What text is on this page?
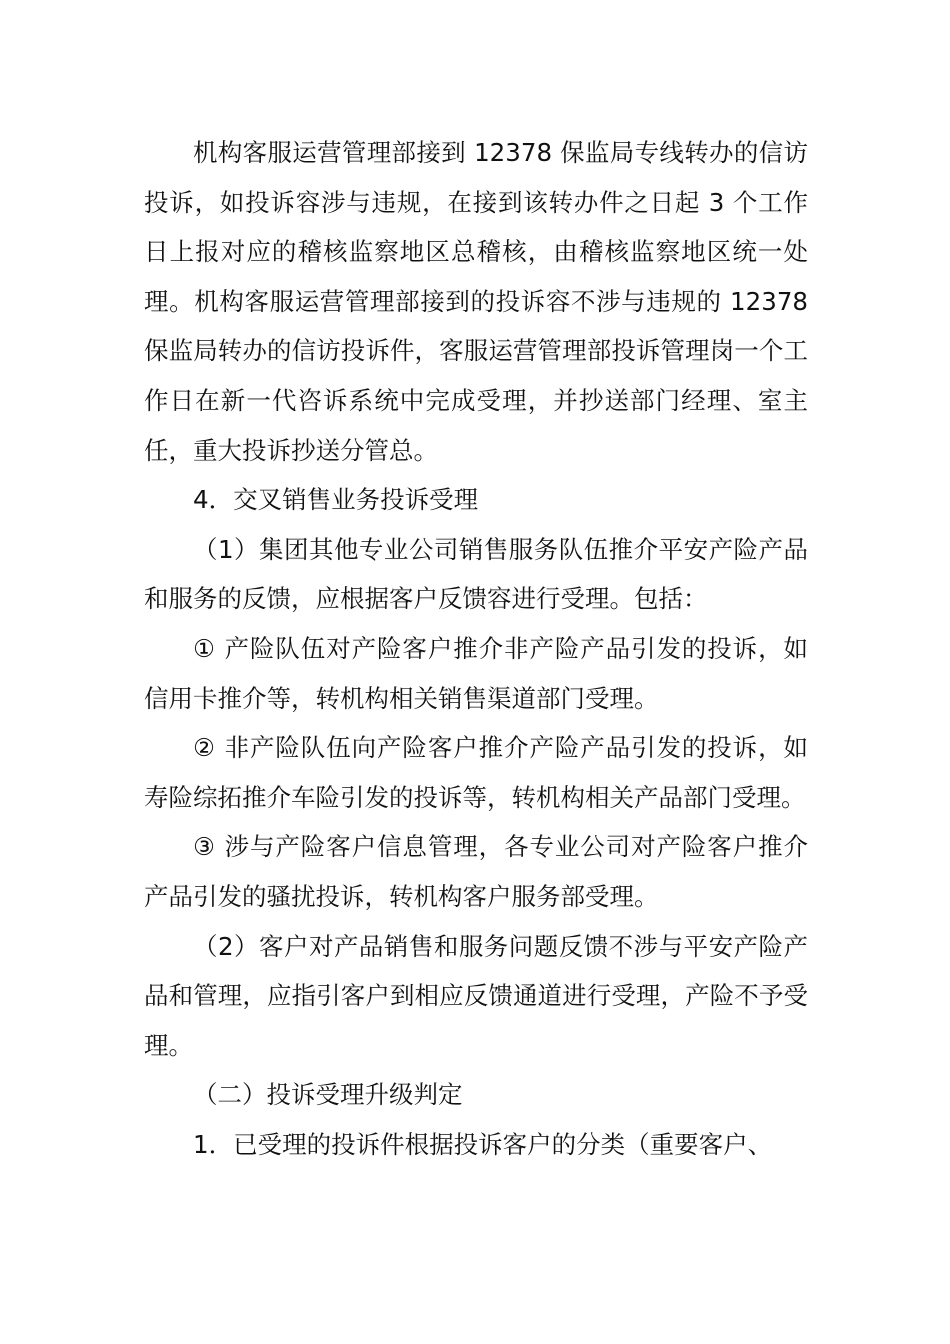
机构客服运营管理部接到 12378 保监局专线转办的信访投诉，如投诉容涉与违规，在接到该转办件之日起 3 个工作日上报对应的稽核监察地区总稽核，由稽核监察地区统一处理。机构客服运营管理部接到的投诉容不涉与违规的 12378 保监局转办的信访投诉件，客服运营管理部投诉管理岗一个工作日在新一代咨诉系统中完成受理，并抄送部门经理、室主任，重大投诉抄送分管总。

4．交叉销售业务投诉受理

（1）集团其他专业公司销售服务队伍推介平安产险产品和服务的反馈，应根据客户反馈容进行受理。包括：

① 产险队伍对产险客户推介非产险产品引发的投诉，如信用卡推介等，转机构相关销售渠道部门受理。

② 非产险队伍向产险客户推介产险产品引发的投诉，如寿险综拓推介车险引发的投诉等，转机构相关产品部门受理。

③ 涉与产险客户信息管理，各专业公司对产险客户推介产品引发的骚扰投诉，转机构客户服务部受理。

（2）客户对产品销售和服务问题反馈不涉与平安产险产品和管理，应指引客户到相应反馈通道进行受理，产险不予受理。

（二）投诉受理升级判定

1．已受理的投诉件根据投诉客户的分类（重要客户、
